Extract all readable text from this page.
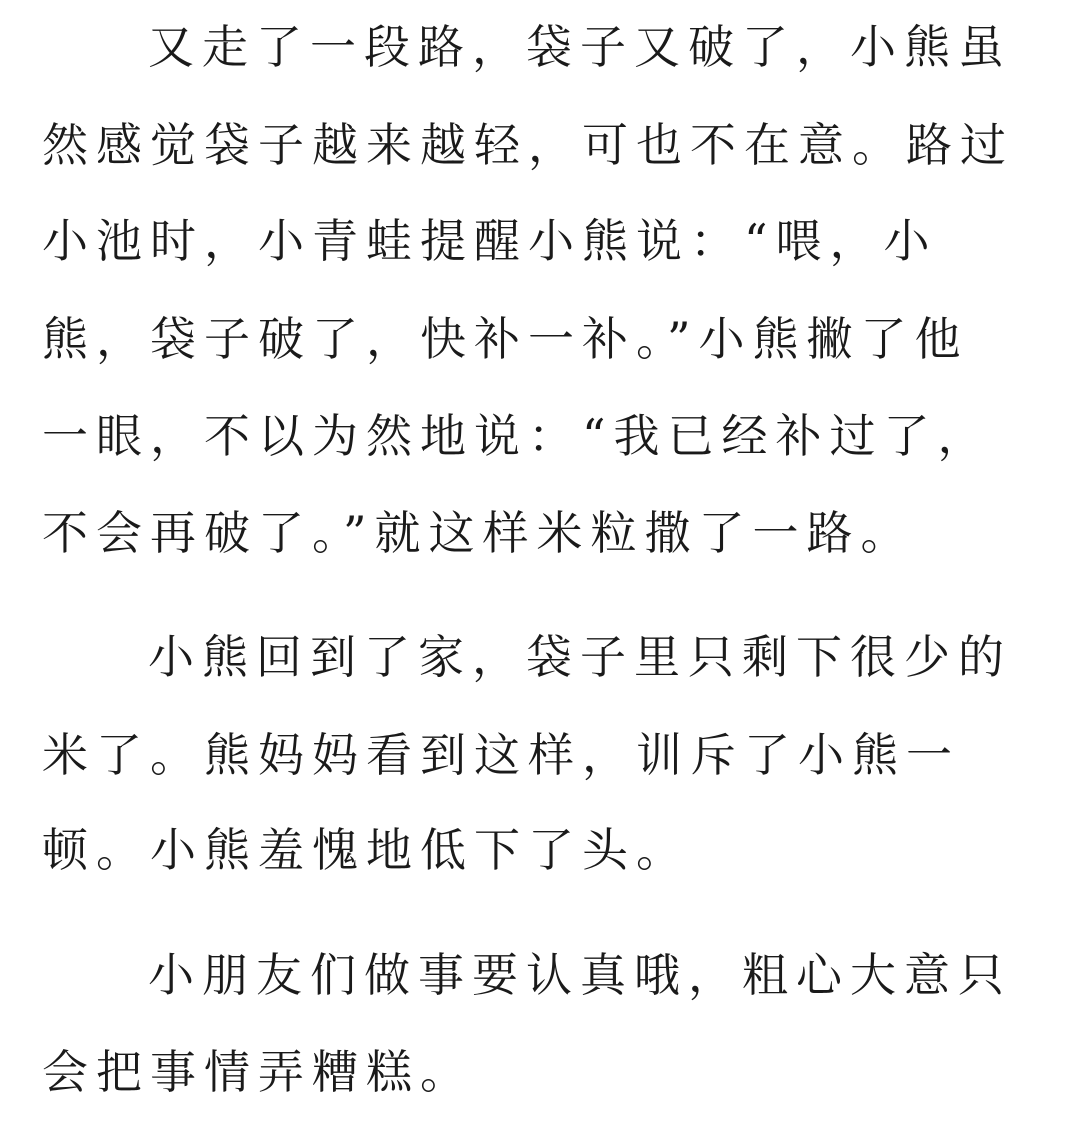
又走了一段路，袋子又破了，小熊虽
然感觉袋子越来越轻，可也不在意。路过
小池时，小青蛙提醒小熊说：“喂，小
熊，袋子破了，快补一补。”小熊撇了他
一眼，不以为然地说：“我已经补过了，
不会再破了。”就这样米粒撒了一路。
小熊回到了家，袋子里只剩下很少的
米了。熊妈妈看到这样，训斥了小熊一
顿。小熊羞愧地低下了头。
小朋友们做事要认真哦，粗心大意只
会把事情弄糟糕。
